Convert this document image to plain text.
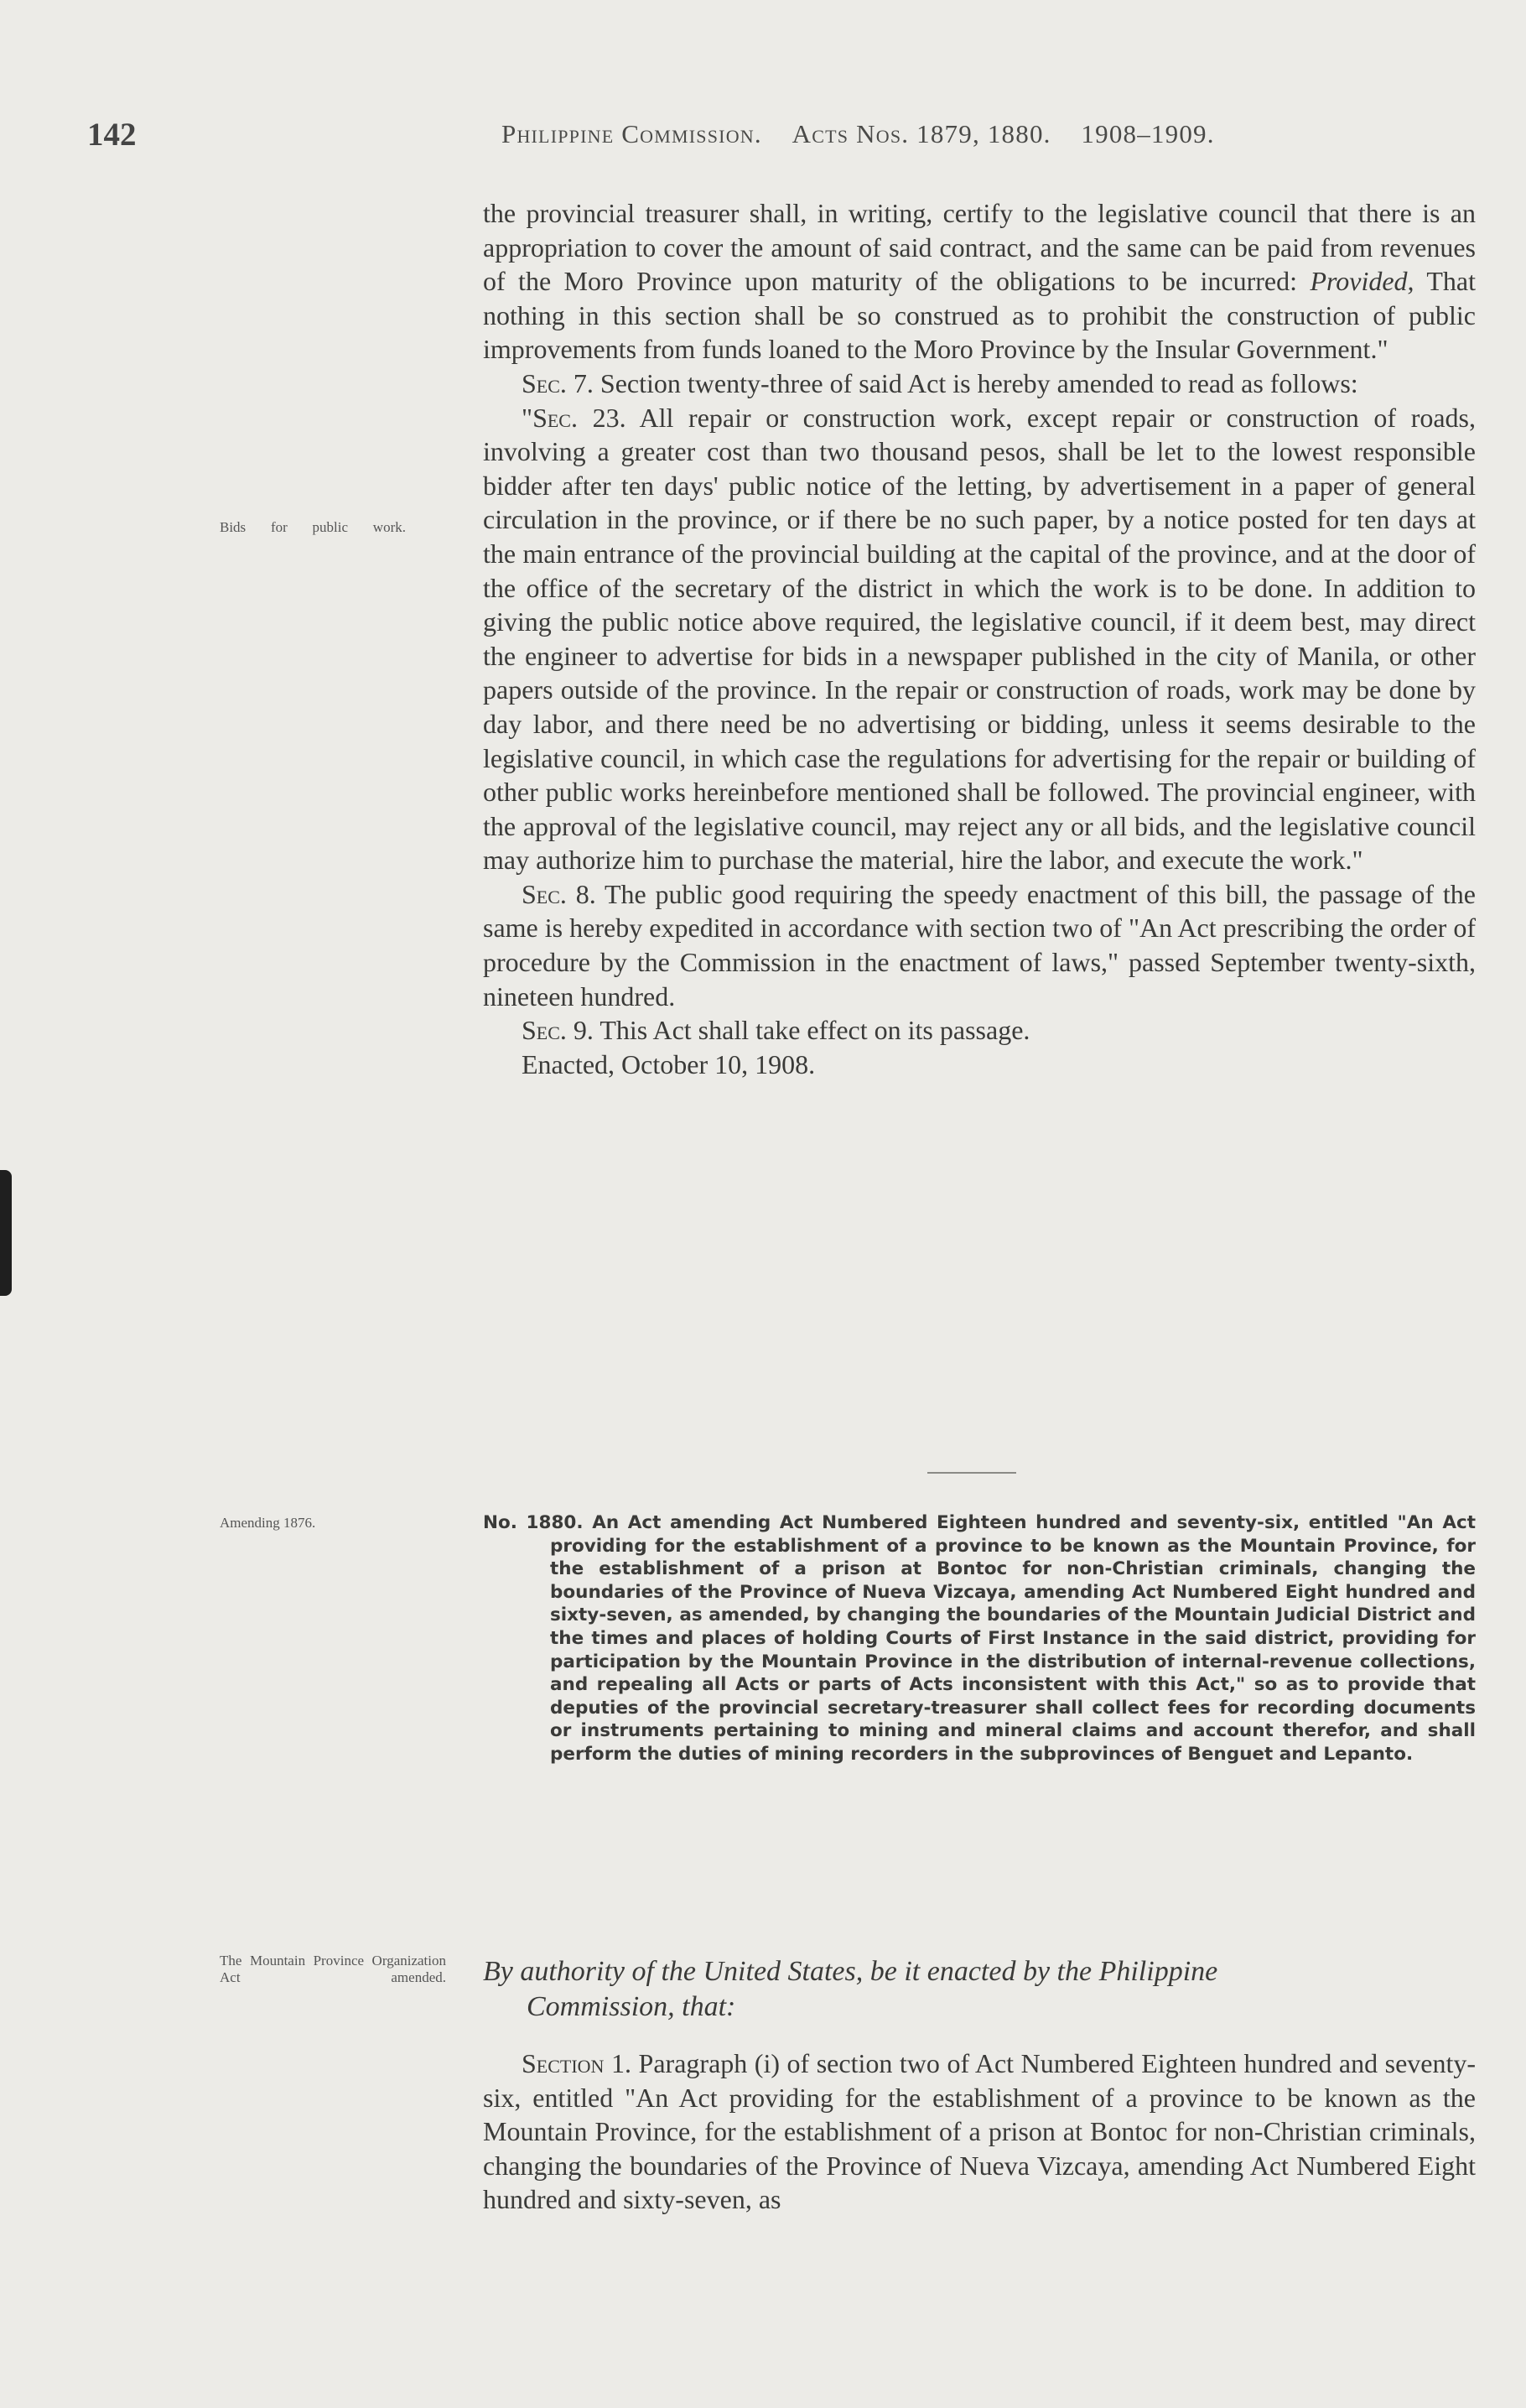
142	Philippine Commission. Acts Nos. 1879, 1880. 1908–1909.

the provincial treasurer shall, in writing, certify to the legislative council that there is an appropriation to cover the amount of said contract, and the same can be paid from revenues of the Moro Province upon maturity of the obligations to be incurred: Provided, That nothing in this section shall be so construed as to prohibit the construction of public improvements from funds loaned to the Moro Province by the Insular Government."

Sec. 7. Section twenty-three of said Act is hereby amended to read as follows:

"Sec. 23. All repair or construction work, except repair or construction of roads, involving a greater cost than two thousand pesos, shall be let to the lowest responsible bidder after ten days' public notice of the letting, by advertisement in a paper of general circulation in the province, or if there be no such paper, by a notice posted for ten days at the main entrance of the provincial building at the capital of the province, and at the door of the office of the secretary of the district in which the work is to be done. In addition to giving the public notice above required, the legislative council, if it deem best, may direct the engineer to advertise for bids in a newspaper published in the city of Manila, or other papers outside of the province. In the repair or construction of roads, work may be done by day labor, and there need be no advertising or bidding, unless it seems desirable to the legislative council, in which case the regulations for advertising for the repair or building of other public works hereinbefore mentioned shall be followed. The provincial engineer, with the approval of the legislative council, may reject any or all bids, and the legislative council may authorize him to purchase the material, hire the labor, and execute the work."

Sec. 8. The public good requiring the speedy enactment of this bill, the passage of the same is hereby expedited in accordance with section two of "An Act prescribing the order of procedure by the Commission in the enactment of laws," passed September twenty-sixth, nineteen hundred.

Sec. 9. This Act shall take effect on its passage.

Enacted, October 10, 1908.

Bids for public work.
Amending 1876.
The Mountain Province Organization Act amended.
No. 1880. An Act amending Act Numbered Eighteen hundred and seventy-six, entitled "An Act providing for the establishment of a province to be known as the Mountain Province, for the establishment of a prison at Bontoc for non-Christian criminals, changing the boundaries of the Province of Nueva Vizcaya, amending Act Numbered Eight hundred and sixty-seven, as amended, by changing the boundaries of the Mountain Judicial District and the times and places of holding Courts of First Instance in the said district, providing for participation by the Mountain Province in the distribution of internal-revenue collections, and repealing all Acts or parts of Acts inconsistent with this Act," so as to provide that deputies of the provincial secretary-treasurer shall collect fees for recording documents or instruments pertaining to mining and mineral claims and account therefor, and shall perform the duties of mining recorders in the subprovinces of Benguet and Lepanto.
By authority of the United States, be it enacted by the Philippine
Commission, that:

Section 1. Paragraph (i) of section two of Act Numbered Eighteen hundred and seventy-six, entitled "An Act providing for the establishment of a province to be known as the Mountain Province, for the establishment of a prison at Bontoc for non-Christian criminals, changing the boundaries of the Province of Nueva Vizcaya, amending Act Numbered Eight hundred and sixty-seven, as
